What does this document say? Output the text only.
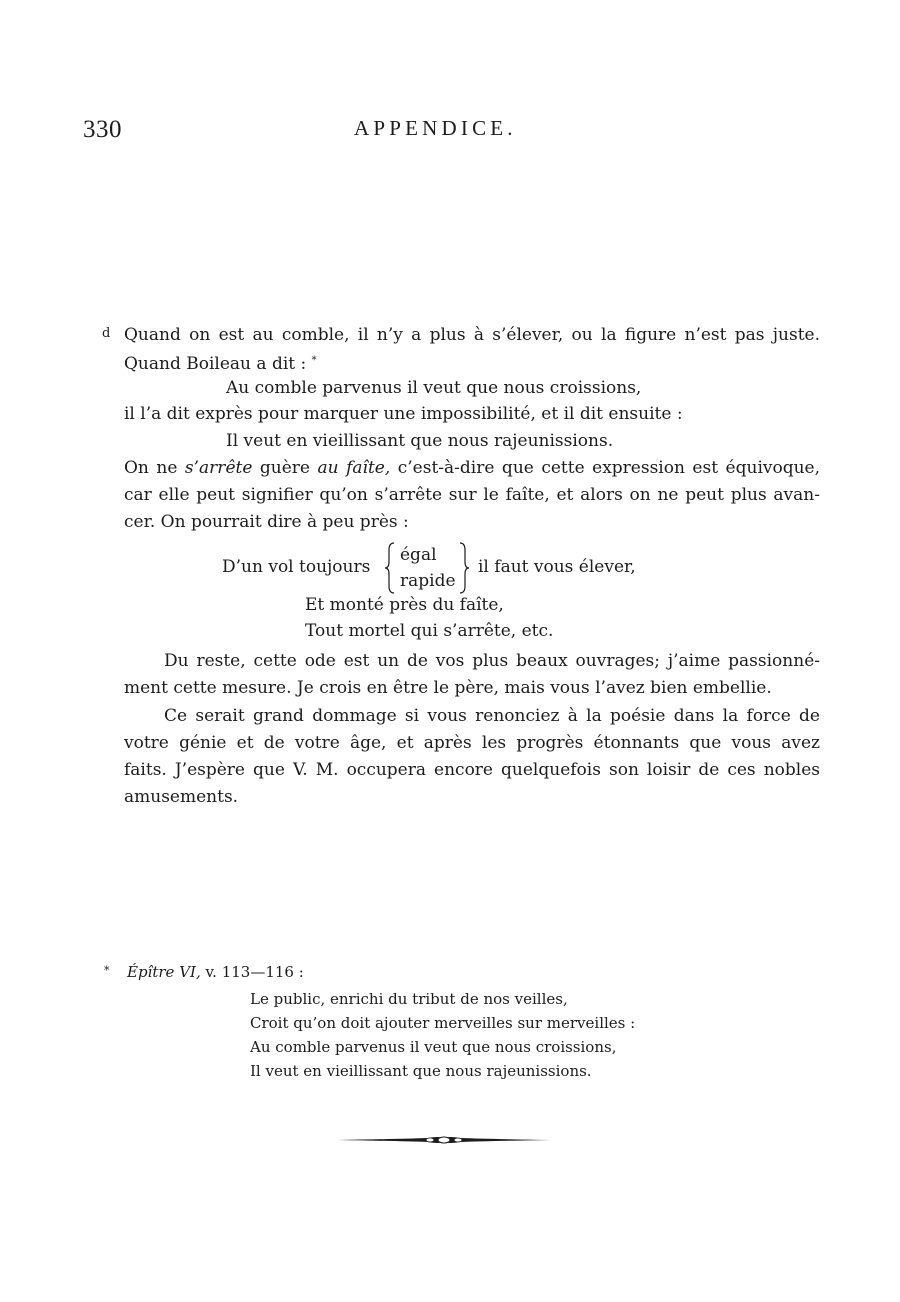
330	APPENDICE.
d Quand on est au comble, il n’y a plus à s’élever, ou la figure n’est pas juste.
Quand Boileau a dit : *
Au comble parvenus il veut que nous croissions,
il l’a dit exprès pour marquer une impossibilité, et il dit ensuite :
Il veut en vieillissant que nous rajeunissions.
On ne s’arrête guère au faîte, c’est-à-dire que cette expression est équivoque,
car elle peut signifier qu’on s’arrête sur le faîte, et alors on ne peut plus avan-
cer. On pourrait dire à peu près :
D’un vol toujours
égal
rapide
il faut vous élever,
Et monté près du faîte,
Tout mortel qui s’arrête, etc.
Du reste, cette ode est un de vos plus beaux ouvrages; j’aime passionné-
ment cette mesure. Je crois en être le père, mais vous l’avez bien embellie.
Ce serait grand dommage si vous renonciez à la poésie dans la force de
votre génie et de votre âge, et après les progrès étonnants que vous avez
faits. J’espère que V. M. occupera encore quelquefois son loisir de ces nobles
amusements.
* Épître VI, v. 113—116 :
Le public, enrichi du tribut de nos veilles,
Croit qu’on doit ajouter merveilles sur merveilles :
Au comble parvenus il veut que nous croissions,
Il veut en vieillissant que nous rajeunissions.
